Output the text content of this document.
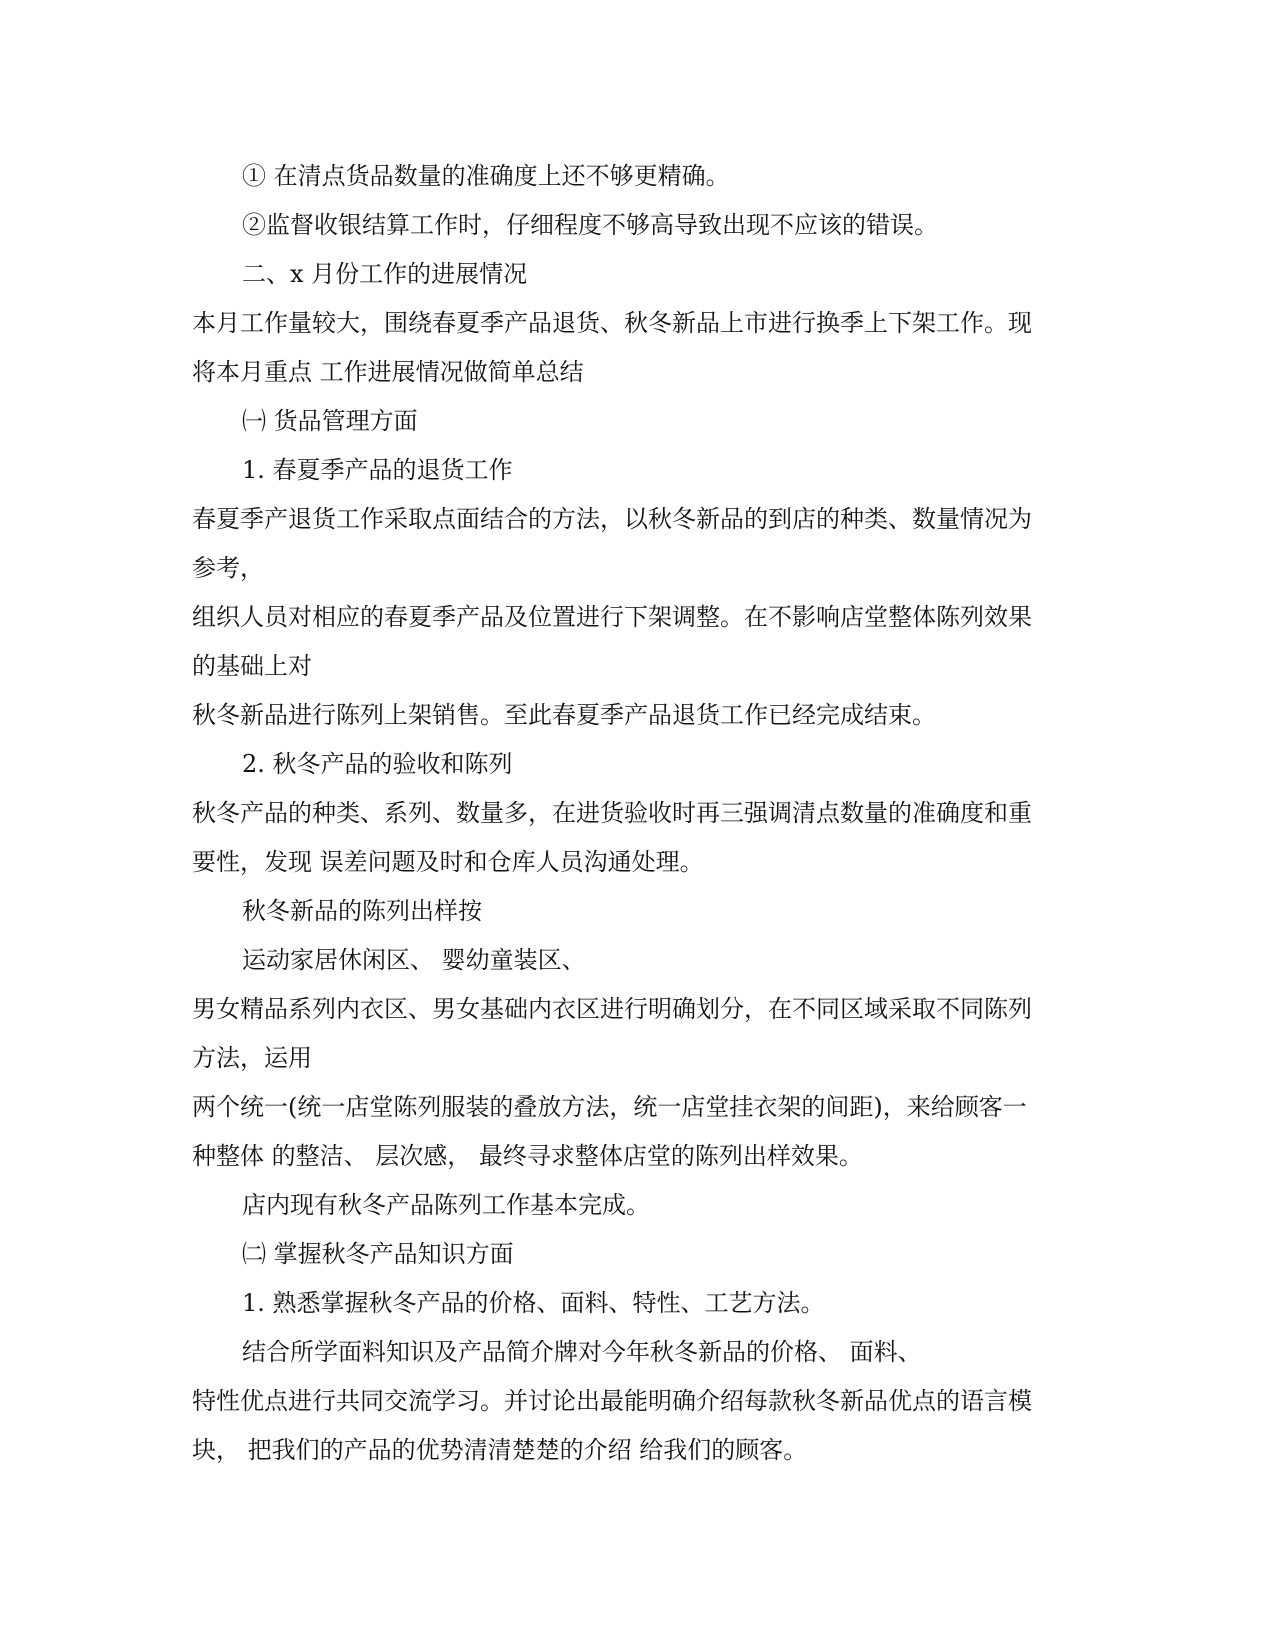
① 在清点货品数量的准确度上还不够更精确。
②监督收银结算工作时，仔细程度不够高导致出现不应该的错误。
二、x 月份工作的进展情况
本月工作量较大，围绕春夏季产品退货、秋冬新品上市进行换季上下架工作。现
将本月重点 工作进展情况做简单总结
㈠ 货品管理方面
1. 春夏季产品的退货工作
春夏季产退货工作采取点面结合的方法，以秋冬新品的到店的种类、数量情况为
参考，
组织人员对相应的春夏季产品及位置进行下架调整。在不影响店堂整体陈列效果
的基础上对
秋冬新品进行陈列上架销售。至此春夏季产品退货工作已经完成结束。
2. 秋冬产品的验收和陈列
秋冬产品的种类、系列、数量多，在进货验收时再三强调清点数量的准确度和重
要性，发现 误差问题及时和仓库人员沟通处理。
秋冬新品的陈列出样按
运动家居休闲区、 婴幼童装区、
男女精品系列内衣区、男女基础内衣区进行明确划分，在不同区域采取不同陈列
方法，运用
两个统一(统一店堂陈列服装的叠放方法，统一店堂挂衣架的间距)，来给顾客一
种整体 的整洁、 层次感， 最终寻求整体店堂的陈列出样效果。
店内现有秋冬产品陈列工作基本完成。
㈡ 掌握秋冬产品知识方面
1. 熟悉掌握秋冬产品的价格、面料、特性、工艺方法。
结合所学面料知识及产品简介牌对今年秋冬新品的价格、 面料、
特性优点进行共同交流学习。并讨论出最能明确介绍每款秋冬新品优点的语言模
块， 把我们的产品的优势清清楚楚的介绍 给我们的顾客。
